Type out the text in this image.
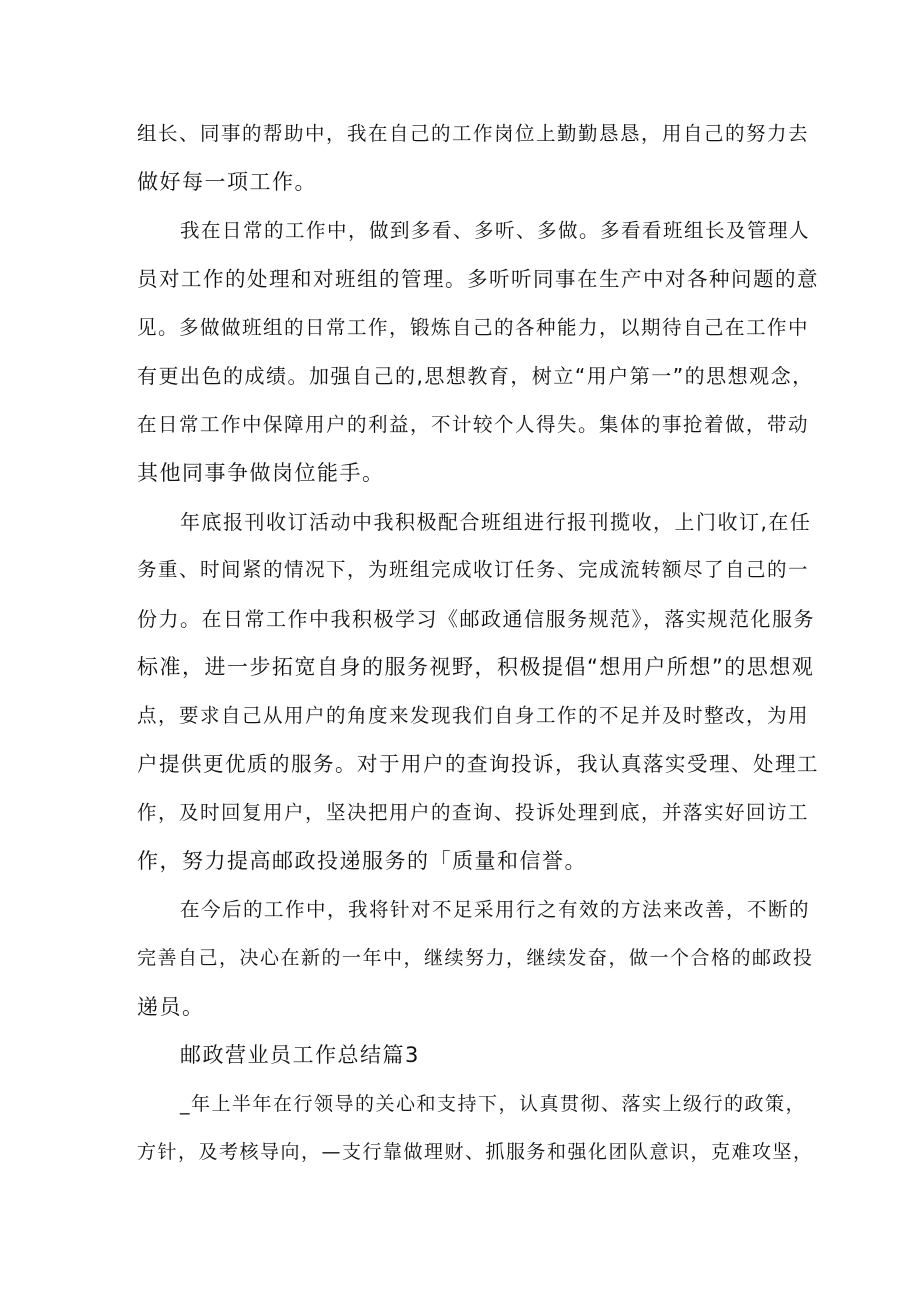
组长、同事的帮助中，我在自己的工作岗位上勤勤恳恳，用自己的努力去
做好每一项工作。
我在日常的工作中，做到多看、多听、多做。多看看班组长及管理人
员对工作的处理和对班组的管理。多听听同事在生产中对各种问题的意
见。多做做班组的日常工作，锻炼自己的各种能力，以期待自己在工作中
有更出色的成绩。加强自己的,思想教育，树立“用户第一”的思想观念，
在日常工作中保障用户的利益，不计较个人得失。集体的事抢着做，带动
其他同事争做岗位能手。
年底报刊收订活动中我积极配合班组进行报刊揽收，上门收订,在任
务重、时间紧的情况下，为班组完成收订任务、完成流转额尽了自己的一
份力。在日常工作中我积极学习《邮政通信服务规范》，落实规范化服务
标准，进一步拓宽自身的服务视野，积极提倡“想用户所想”的思想观
点，要求自己从用户的角度来发现我们自身工作的不足并及时整改，为用
户提供更优质的服务。对于用户的查询投诉，我认真落实受理、处理工
作，及时回复用户，坚决把用户的查询、投诉处理到底，并落实好回访工
作，努力提高邮政投递服务的「质量和信誉。
在今后的工作中，我将针对不足采用行之有效的方法来改善，不断的
完善自己，决心在新的一年中，继续努力，继续发奋，做一个合格的邮政投
递员。
邮政营业员工作总结篇3
_年上半年在行领导的关心和支持下，认真贯彻、落实上级行的政策，
方针，及考核导向，—支行靠做理财、抓服务和强化团队意识，克难攻坚，
